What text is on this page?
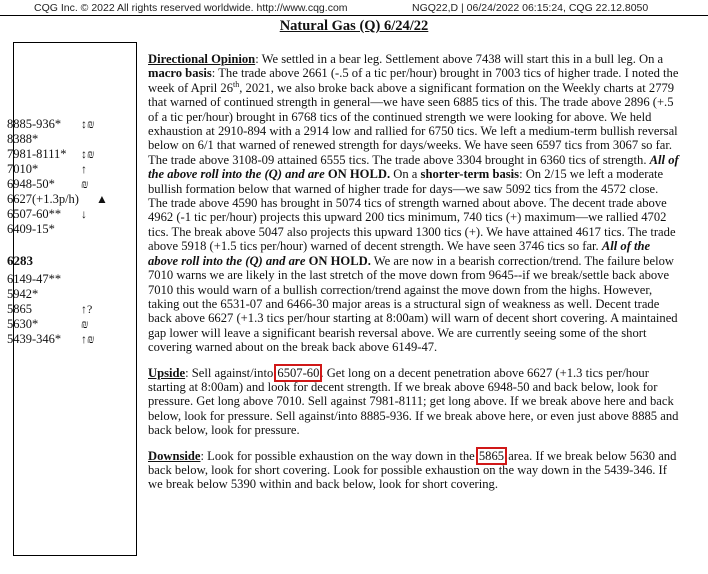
CQG Inc. © 2022 All rights reserved worldwide. http://www.cqg.com	NGQ22,D | 06/24/2022 06:15:24, CQG 22.12.8050
Natural Gas (Q) 6/24/22
8885-936* ↕₪
8388*
7981-8111* ↕₪
7010*	↑
6948-50* ₪
6627(+1.3p/h) ▲
6507-60** ↓
6409-15*
6283
6149-47**
5942*
5865	↑?
5630*	₪
5439-346* ↑₪

Directional Opinion: We settled in a bear leg. Settlement above 7438 will start this in a bull leg. On a macro basis: The trade above 2661 (-.5 of a tic per/hour) brought in 7003 tics of higher trade. I noted the week of April 26th, 2021, we also broke back above a significant formation on the Weekly charts at 2779 that warned of continued strength in general—we have seen 6885 tics of this. The trade above 2896 (+.5 of a tic per/hour) brought in 6768 tics of the continued strength we were looking for above. We held exhaustion at 2910-894 with a 2914 low and rallied for 6750 tics. We left a medium-term bullish reversal below on 6/1 that warned of renewed strength for days/weeks. We have seen 6597 tics from 3067 so far. The trade above 3108-09 attained 6555 tics. The trade above 3304 brought in 6360 tics of strength. All of the above roll into the (Q) and are ON HOLD. On a shorter-term basis: On 2/15 we left a moderate bullish formation below that warned of higher trade for days—we saw 5092 tics from the 4572 close. The trade above 4590 has brought in 5074 tics of strength warned about above. The decent trade above 4962 (-1 tic per/hour) projects this upward 200 tics minimum, 740 tics (+) maximum—we rallied 4702 tics. The break above 5047 also projects this upward 1300 tics (+). We have attained 4617 tics. The trade above 5918 (+1.5 tics per/hour) warned of decent strength. We have seen 3746 tics so far. All of the above roll into the (Q) and are ON HOLD. We are now in a bearish correction/trend. The failure below 7010 warns we are likely in the last stretch of the move down from 9645--if we break/settle back above 7010 this would warn of a bullish correction/trend against the move down from the highs. However, taking out the 6531-07 and 6466-30 major areas is a structural sign of weakness as well. Decent trade back above 6627 (+1.3 tics per/hour starting at 8:00am) will warn of decent short covering. A maintained gap lower will leave a significant bearish reversal above. We are currently seeing some of the short covering warned about on the break back above 6149-47.

Upside: Sell against/into 6507-60. Get long on a decent penetration above 6627 (+1.3 tics per/hour starting at 8:00am) and look for decent strength. If we break above 6948-50 and back below, look for pressure. Get long above 7010. Sell against 7981-8111; get long above. If we break above here and back below, look for pressure. Sell against/into 8885-936. If we break above here, or even just above 8885 and back below, look for pressure.

Downside: Look for possible exhaustion on the way down in the 5865 area. If we break below 5630 and back below, look for short covering. Look for possible exhaustion on the way down in the 5439-346. If we break below 5390 within and back below, look for short covering.
